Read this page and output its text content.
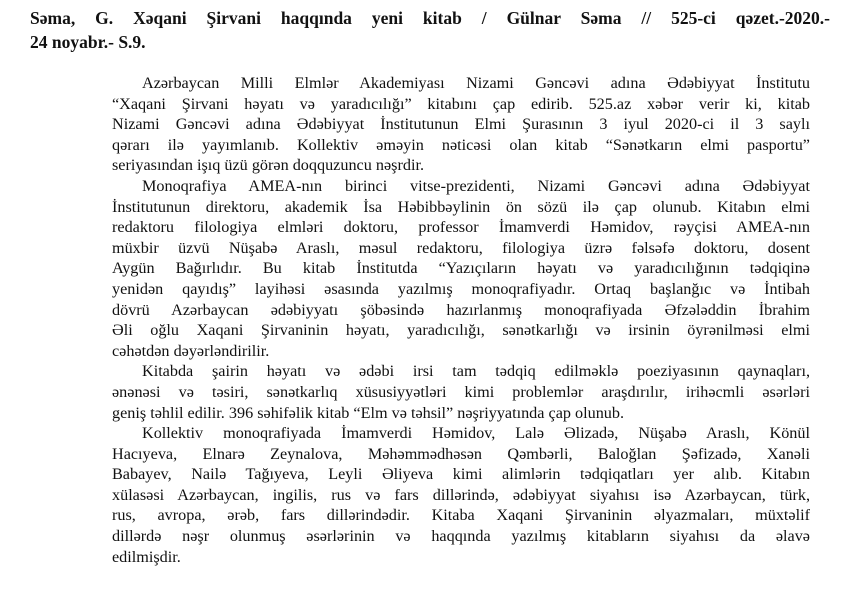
Səma, G. Xəqani Şirvani haqqında yeni kitab / Gülnar Səma // 525-ci qəzet.-2020.-
24 noyabr.- S.9.

Azərbaycan Milli Elmlər Akademiyası Nizami Gəncəvi adına Ədəbiyyat İnstitutu
“Xaqani Şirvani həyatı və yaradıcılığı” kitabını çap edirib. 525.az xəbər verir ki, kitab
Nizami Gəncəvi adına Ədəbiyyat İnstitutunun Elmi Şurasının 3 iyul 2020-ci il 3 saylı
qərarı ilə yayımlanıb. Kollektiv əməyin nəticəsi olan kitab “Sənətkarın elmi pasportu”
seriyasından işıq üzü görən doqquzuncu nəşrdir.

Monoqrafiya AMEA-nın birinci vitse-prezidenti, Nizami Gəncəvi adına Ədəbiyyat
İnstitutunun direktoru, akademik İsa Həbibbəylinin ön sözü ilə çap olunub. Kitabın elmi
redaktoru filologiya elmləri doktoru, professor İmamverdi Həmidov, rəyçisi AMEA-nın
müxbir üzvü Nüşabə Araslı, məsul redaktoru, filologiya üzrə fəlsəfə doktoru, dosent
Aygün Bağırlıdır. Bu kitab İnstitutda “Yazıçıların həyatı və yaradıcılığının tədqiqinə
yenidən qayıdış” layihəsi əsasında yazılmış monoqrafiyadır. Ortaq başlanğıc və İntibah
dövrü Azərbaycan ədəbiyyatı şöbəsində hazırlanmış monoqrafiyada Əfzələddin İbrahim
Əli oğlu Xaqani Şirvaninin həyatı, yaradıcılığı, sənətkarlığı və irsinin öyrənilməsi elmi
cəhətdən dəyərləndirilir.

Kitabda şairin həyatı və ədəbi irsi tam tədqiq edilməklə poeziyasının qaynaqları,
ənənəsi və təsiri, sənətkarlıq xüsusiyyətləri kimi problemlər araşdırılır, irihəcmli əsərləri
geniş təhlil edilir. 396 səhifəlik kitab “Elm və təhsil” nəşriyyatında çap olunub.

Kollektiv monoqrafiyada İmamverdi Həmidov, Lalə Əlizadə, Nüşabə Araslı, Könül
Hacıyeva, Elnarə Zeynalova, Məhəmmədhəsən Qəmbərli, Baloğlan Şəfizadə, Xanəli
Babayev, Nailə Tağıyeva, Leyli Əliyeva kimi alimlərin tədqiqatları yer alıb. Kitabın
xülasəsi Azərbaycan, ingilis, rus və fars dillərində, ədəbiyyat siyahısı isə Azərbaycan, türk,
rus, avropa, ərəb, fars dillərindədir. Kitaba Xaqani Şirvaninin əlyazmaları, müxtəlif
dillərdə nəşr olunmuş əsərlərinin və haqqında yazılmış kitabların siyahısı da əlavə
edilmişdir.
